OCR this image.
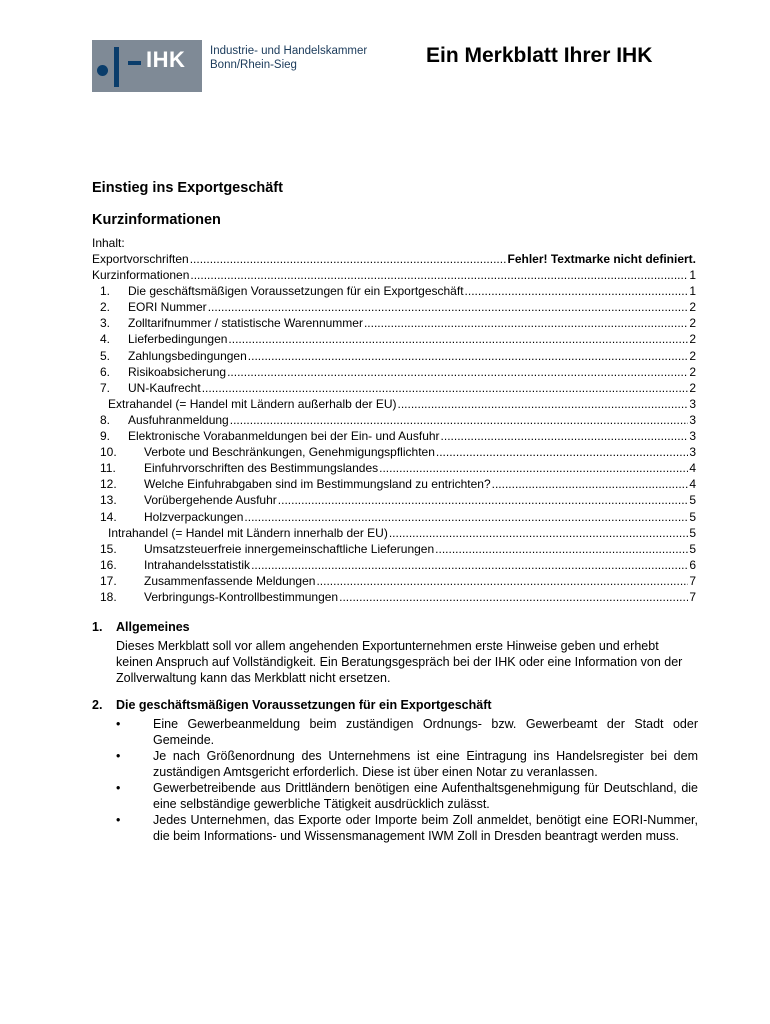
IHK Industrie- und Handelskammer
Bonn/Rhein-Sieg	Ein Merkblatt Ihrer IHK
Einstieg ins Exportgeschäft
Kurzinformationen
Inhalt:
Exportvorschriften .....	Fehler! Textmarke nicht definiert.
Kurzinformationen .....	1
1.	Die geschäftsmäßigen Voraussetzungen für ein Exportgeschäft .....	1
2.	EORI Nummer .....	2
3.	Zolltarifnummer / statistische Warennummer .....	2
4.	Lieferbedingungen .....	2
5.	Zahlungsbedingungen .....	2
6.	Risikoabsicherung .....	2
7.	UN-Kaufrecht .....	2
Extrahandel (= Handel mit Ländern außerhalb der EU) .....	3
8.	Ausfuhranmeldung .....	3
9.	Elektronische Vorabanmeldungen bei der Ein- und Ausfuhr .....	3
10.	Verbote und Beschränkungen, Genehmigungspflichten .....	3
11.	Einfuhrvorschriften des Bestimmungslandes .....	4
12.	Welche Einfuhrabgaben sind im Bestimmungsland zu entrichten? .....	4
13.	Vorübergehende Ausfuhr .....	5
14.	Holzverpackungen .....	5
Intrahandel (= Handel mit Ländern innerhalb der EU) .....	5
15.	Umsatzsteuerfreie innergemeinschaftliche Lieferungen .....	5
16.	Intrahandelsstatistik .....	6
17.	Zusammenfassende Meldungen .....	7
18.	Verbringungs-Kontrollbestimmungen .....	7
1. Allgemeines
Dieses Merkblatt soll vor allem angehenden Exportunternehmen erste Hinweise geben und erhebt keinen Anspruch auf Vollständigkeit. Ein Beratungsgespräch bei der IHK oder eine Information von der Zollverwaltung kann das Merkblatt nicht ersetzen.
2. Die geschäftsmäßigen Voraussetzungen für ein Exportgeschäft
•	Eine Gewerbeanmeldung beim zuständigen Ordnungs- bzw. Gewerbeamt der Stadt oder Gemeinde.
•	Je nach Größenordnung des Unternehmens ist eine Eintragung ins Handelsregister bei dem zuständigen Amtsgericht erforderlich. Diese ist über einen Notar zu veranlassen.
•	Gewerbetreibende aus Drittländern benötigen eine Aufenthaltsgenehmigung für Deutschland, die eine selbständige gewerbliche Tätigkeit ausdrücklich zulässt.
•	Jedes Unternehmen, das Exporte oder Importe beim Zoll anmeldet, benötigt eine EORI-Nummer, die beim Informations- und Wissensmanagement IWM Zoll in Dresden beantragt werden muss.
